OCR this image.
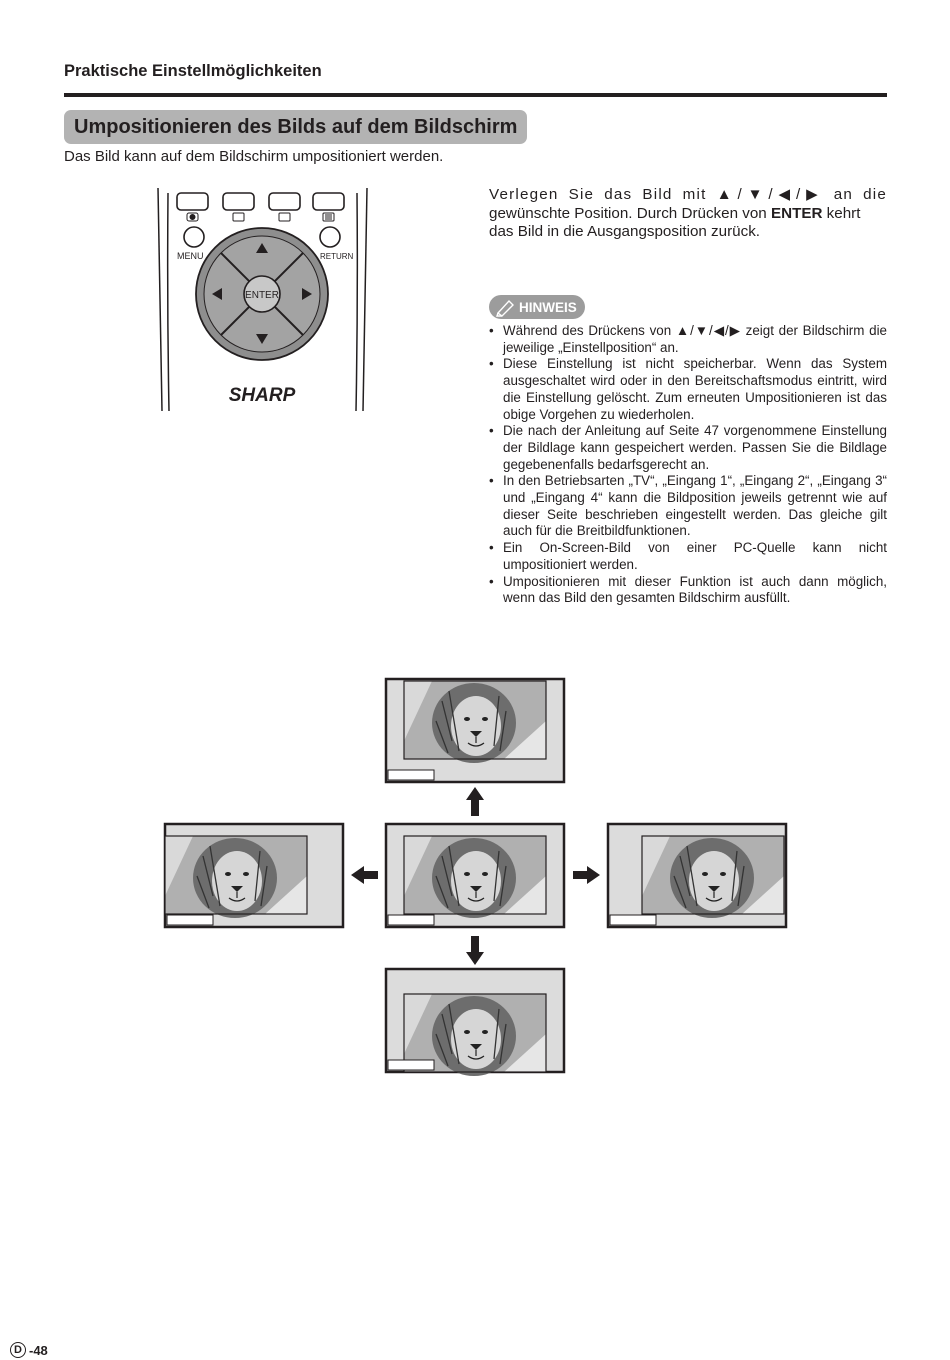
Praktische Einstellmöglichkeiten
Umpositionieren des Bilds auf dem Bildschirm
Das Bild kann auf dem Bildschirm umpositioniert werden.
MENU	RETURN
ENTER
SHARP
Verlegen Sie das Bild mit ▲/▼/◀/▶ an die
gewünschte Position. Durch Drücken von ENTER kehrt
das Bild in die Ausgangsposition zurück.
HINWEIS
• Während des Drückens von ▲/▼/◀/▶ zeigt der Bildschirm die jeweilige „Einstellposition“ an.
• Diese Einstellung ist nicht speicherbar. Wenn das System ausgeschaltet wird oder in den Bereitschaftsmodus eintritt, wird die Einstellung gelöscht. Zum erneuten Umpositionieren ist das obige Vorgehen zu wiederholen.
• Die nach der Anleitung auf Seite 47 vorgenommene Einstellung der Bildlage kann gespeichert werden. Passen Sie die Bildlage gegebenenfalls bedarfsgerecht an.
• In den Betriebsarten „TV“, „Eingang 1“, „Eingang 2“, „Eingang 3“ und „Eingang 4“ kann die Bildposition jeweils getrennt wie auf dieser Seite beschrieben eingestellt werden. Das gleiche gilt auch für die Breitbildfunktionen.
• Ein On-Screen-Bild von einer PC-Quelle kann nicht umpositioniert werden.
• Umpositionieren mit dieser Funktion ist auch dann möglich, wenn das Bild den gesamten Bildschirm ausfüllt.
D -48
